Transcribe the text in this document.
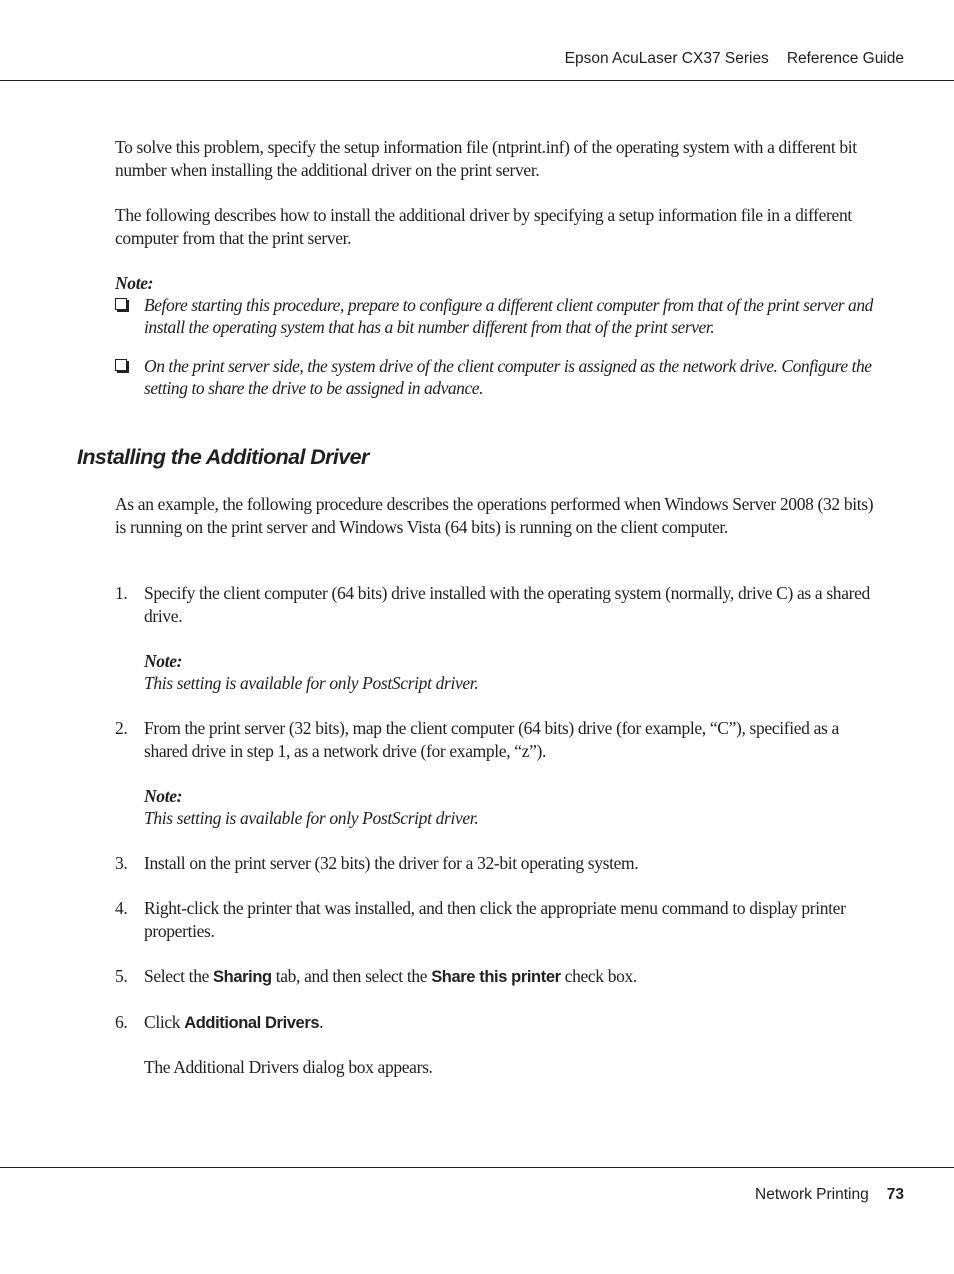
Epson AcuLaser CX37 Series Reference Guide
To solve this problem, specify the setup information file (ntprint.inf) of the operating system with a different bit number when installing the additional driver on the print server.
The following describes how to install the additional driver by specifying a setup information file in a different computer from that the print server.
Note:
Before starting this procedure, prepare to configure a different client computer from that of the print server and install the operating system that has a bit number different from that of the print server.
On the print server side, the system drive of the client computer is assigned as the network drive. Configure the setting to share the drive to be assigned in advance.
Installing the Additional Driver
As an example, the following procedure describes the operations performed when Windows Server 2008 (32 bits) is running on the print server and Windows Vista (64 bits) is running on the client computer.
1. Specify the client computer (64 bits) drive installed with the operating system (normally, drive C) as a shared drive.
Note:
This setting is available for only PostScript driver.
2. From the print server (32 bits), map the client computer (64 bits) drive (for example, “C”), specified as a shared drive in step 1, as a network drive (for example, “z”).
Note:
This setting is available for only PostScript driver.
3. Install on the print server (32 bits) the driver for a 32-bit operating system.
4. Right-click the printer that was installed, and then click the appropriate menu command to display printer properties.
5. Select the Sharing tab, and then select the Share this printer check box.
6. Click Additional Drivers.
The Additional Drivers dialog box appears.
Network Printing 73
